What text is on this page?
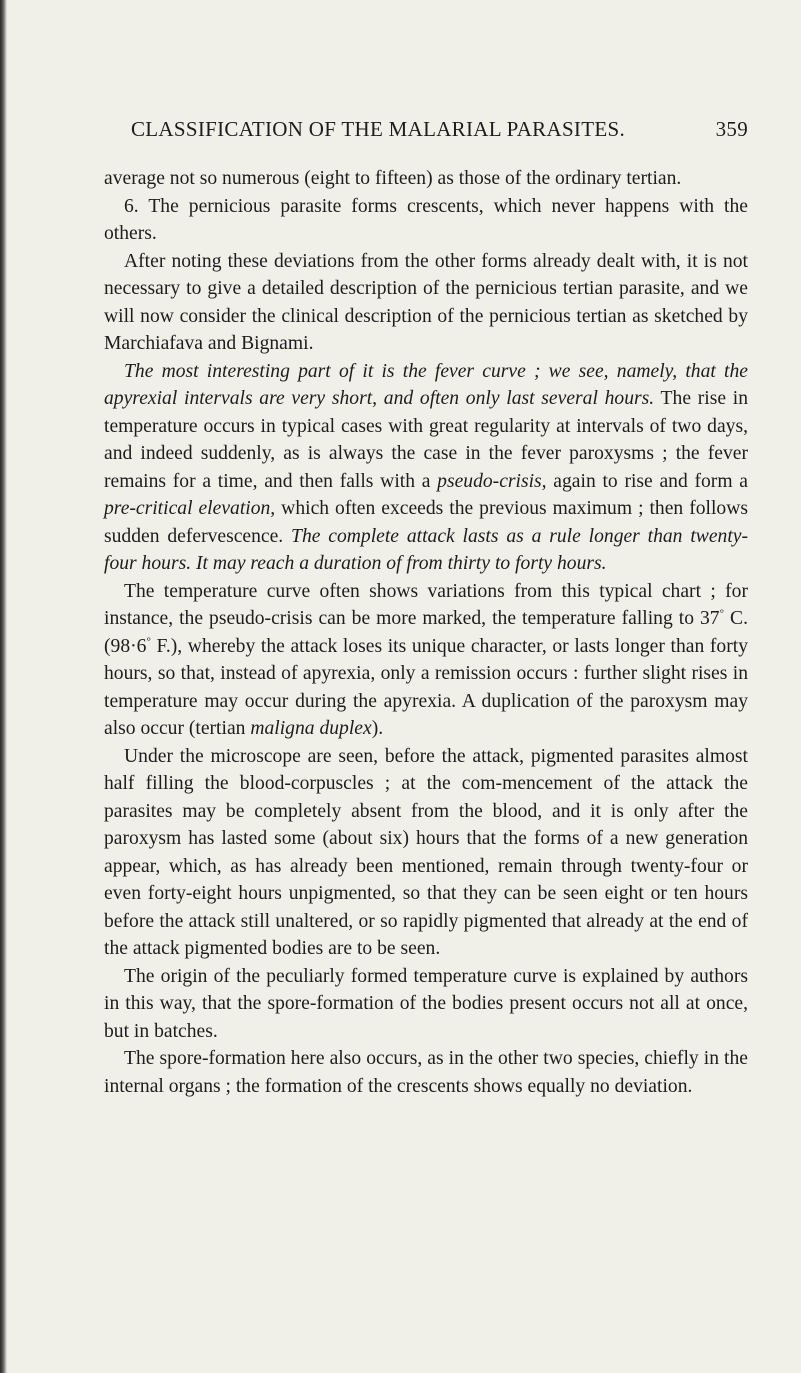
CLASSIFICATION OF THE MALARIAL PARASITES.	359

average not so numerous (eight to fifteen) as those of the ordinary tertian.

6. The pernicious parasite forms crescents, which never happens with the others.

After noting these deviations from the other forms already dealt with, it is not necessary to give a detailed description of the pernicious tertian parasite, and we will now consider the clinical description of the pernicious tertian as sketched by Marchiafava and Bignami.

The most interesting part of it is the fever curve ; we see, namely, that the apyrexial intervals are very short, and often only last several hours. The rise in temperature occurs in typical cases with great regularity at intervals of two days, and indeed suddenly, as is always the case in the fever paroxysms ; the fever remains for a time, and then falls with a pseudo-crisis, again to rise and form a pre-critical elevation, which often exceeds the previous maximum ; then follows sudden defervescence. The complete attack lasts as a rule longer than twenty-four hours. It may reach a duration of from thirty to forty hours.

The temperature curve often shows variations from this typical chart ; for instance, the pseudo-crisis can be more marked, the temperature falling to 37° C. (98·6° F.), whereby the attack loses its unique character, or lasts longer than forty hours, so that, instead of apyrexia, only a remission occurs : further slight rises in temperature may occur during the apyrexia. A duplication of the paroxysm may also occur (tertian maligna duplex).

Under the microscope are seen, before the attack, pigmented parasites almost half filling the blood-corpuscles ; at the com-mencement of the attack the parasites may be completely absent from the blood, and it is only after the paroxysm has lasted some (about six) hours that the forms of a new generation appear, which, as has already been mentioned, remain through twenty-four or even forty-eight hours unpigmented, so that they can be seen eight or ten hours before the attack still unaltered, or so rapidly pigmented that already at the end of the attack pigmented bodies are to be seen.

The origin of the peculiarly formed temperature curve is explained by authors in this way, that the spore-formation of the bodies present occurs not all at once, but in batches.

The spore-formation here also occurs, as in the other two species, chiefly in the internal organs ; the formation of the crescents shows equally no deviation.
